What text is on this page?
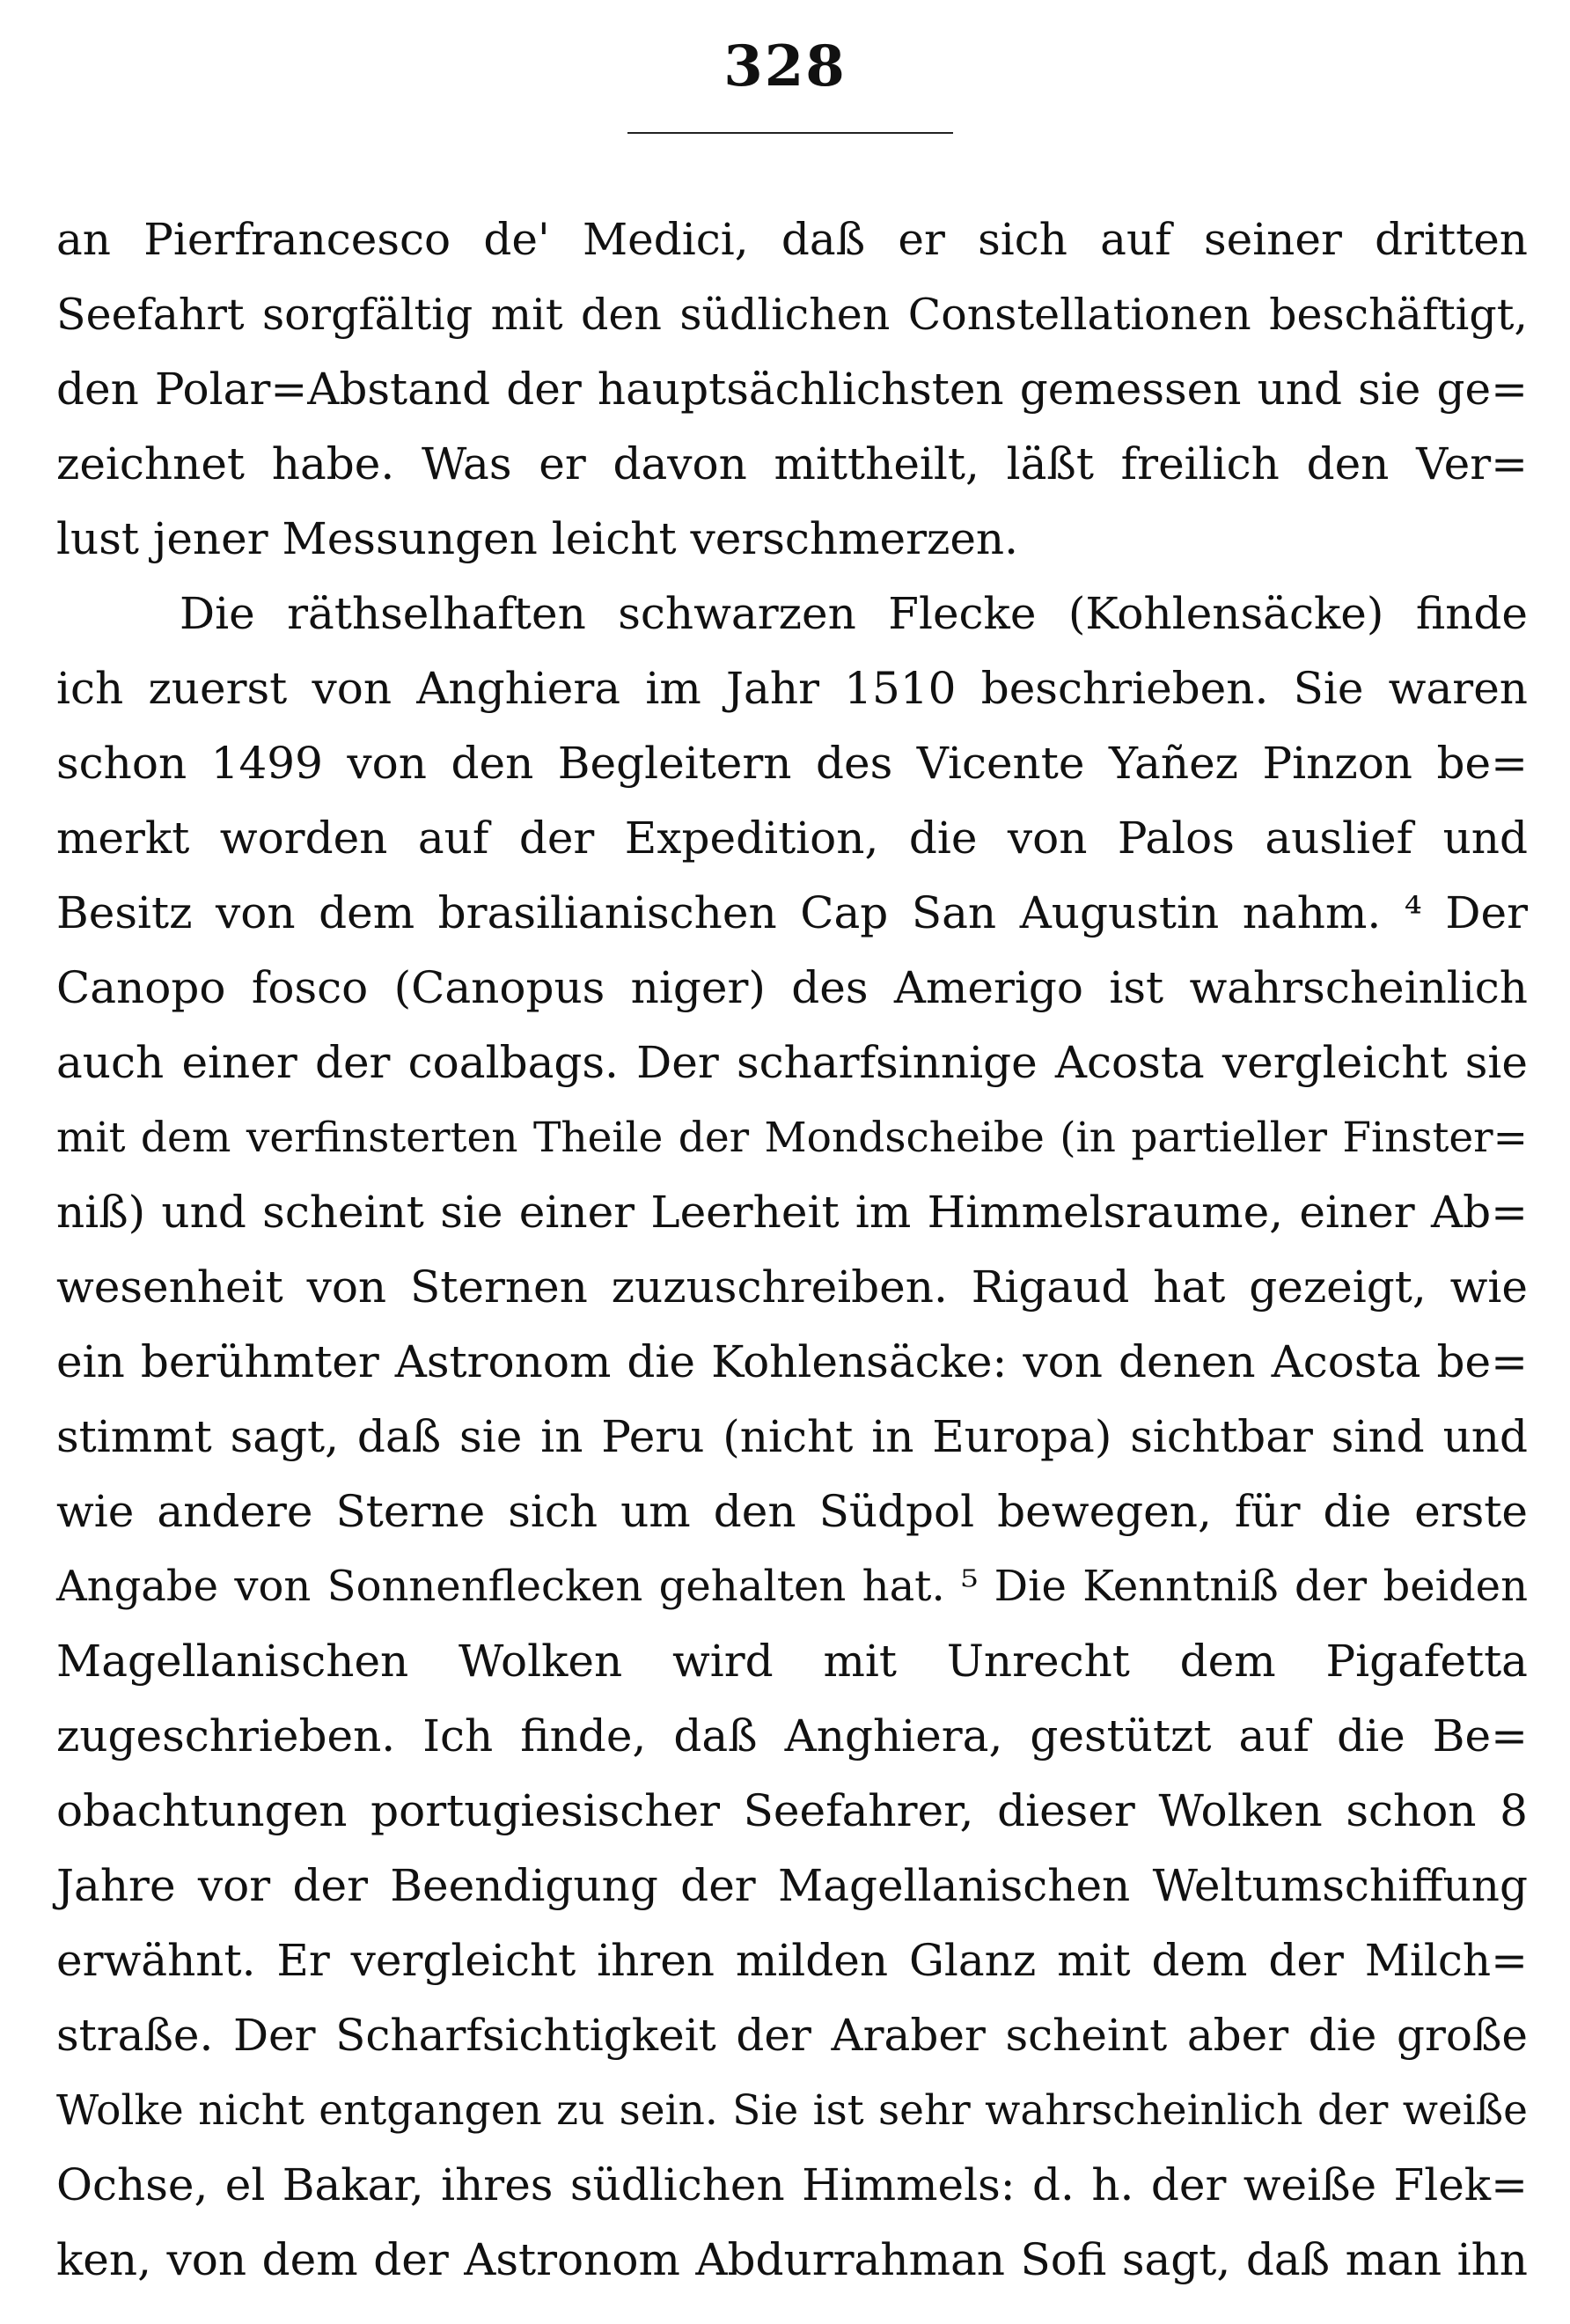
328
an Pierfrancesco de' Medici, daß er sich auf seiner dritten
Seefahrt sorgfältig mit den südlichen Constellationen beschäftigt,
den Polar=Abstand der hauptsächlichsten gemessen und sie ge=
zeichnet habe. Was er davon mittheilt, läßt freilich den Ver=
lust jener Messungen leicht verschmerzen.
Die räthselhaften schwarzen Flecke (Kohlensäcke) finde
ich zuerst von Anghiera im Jahr 1510 beschrieben. Sie waren
schon 1499 von den Begleitern des Vicente Yañez Pinzon be=
merkt worden auf der Expedition, die von Palos auslief und
Besitz von dem brasilianischen Cap San Augustin nahm. ⁴ Der
Canopo fosco (Canopus niger) des Amerigo ist wahrscheinlich
auch einer der coalbags. Der scharfsinnige Acosta vergleicht sie
mit dem verfinsterten Theile der Mondscheibe (in partieller Finster=
niß) und scheint sie einer Leerheit im Himmelsraume, einer Ab=
wesenheit von Sternen zuzuschreiben. Rigaud hat gezeigt, wie
ein berühmter Astronom die Kohlensäcke: von denen Acosta be=
stimmt sagt, daß sie in Peru (nicht in Europa) sichtbar sind und
wie andere Sterne sich um den Südpol bewegen, für die erste
Angabe von Sonnenflecken gehalten hat. ⁵ Die Kenntniß der beiden
Magellanischen Wolken wird mit Unrecht dem Pigafetta
zugeschrieben. Ich finde, daß Anghiera, gestützt auf die Be=
obachtungen portugiesischer Seefahrer, dieser Wolken schon 8
Jahre vor der Beendigung der Magellanischen Weltumschiffung
erwähnt. Er vergleicht ihren milden Glanz mit dem der Milch=
straße. Der Scharfsichtigkeit der Araber scheint aber die große
Wolke nicht entgangen zu sein. Sie ist sehr wahrscheinlich der weiße
Ochse, el Bakar, ihres südlichen Himmels: d. h. der weiße Flek=
ken, von dem der Astronom Abdurrahman Sofi sagt, daß man ihn
